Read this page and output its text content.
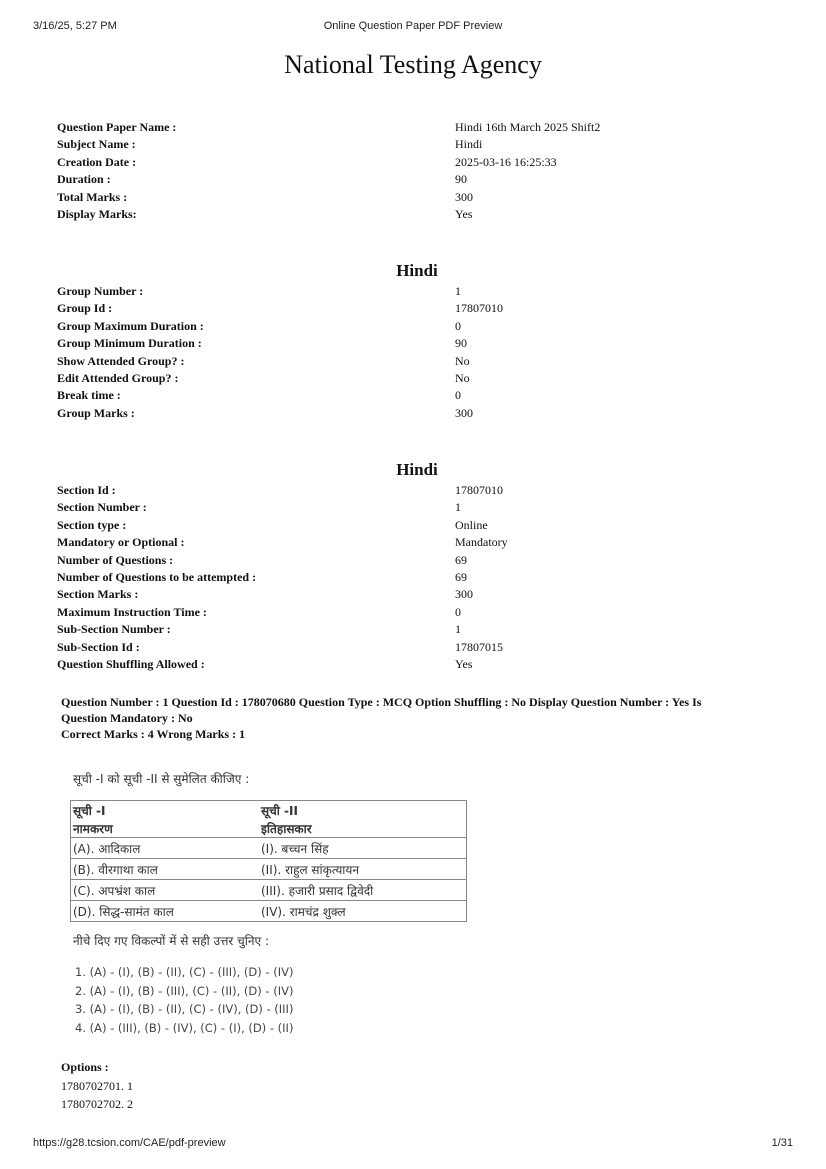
3/16/25, 5:27 PM	Online Question Paper PDF Preview
National Testing Agency
Question Paper Name :	Hindi 16th March 2025 Shift2
Subject Name :	Hindi
Creation Date :	2025-03-16 16:25:33
Duration :	90
Total Marks :	300
Display Marks:	Yes
Hindi
Group Number :	1
Group Id :	17807010
Group Maximum Duration :	0
Group Minimum Duration :	90
Show Attended Group? :	No
Edit Attended Group? :	No
Break time :	0
Group Marks :	300
Hindi
Section Id :	17807010
Section Number :	1
Section type :	Online
Mandatory or Optional :	Mandatory
Number of Questions :	69
Number of Questions to be attempted :	69
Section Marks :	300
Maximum Instruction Time :	0
Sub-Section Number :	1
Sub-Section Id :	17807015
Question Shuffling Allowed :	Yes
Question Number : 1 Question Id : 178070680 Question Type : MCQ Option Shuffling : No Display Question Number : Yes Is
Question Mandatory : No
Correct Marks : 4 Wrong Marks : 1
सूची -I को सूची -II से सुमेलित कीजिए :
सूची -I	सूची -II
नामकरण	इतिहासकार
(A). आदिकाल	(I). बच्चन सिंह
(B). वीरगाथा काल	(II). राहुल सांकृत्यायन
(C). अपभ्रंश काल	(III). हजारी प्रसाद द्विवेदी
(D). सिद्ध-सामंत काल	(IV). रामचंद्र शुक्ल
नीचे दिए गए विकल्पों में से सही उत्तर चुनिए :
1. (A) - (I), (B) - (II), (C) - (III), (D) - (IV)
2. (A) - (I), (B) - (III), (C) - (II), (D) - (IV)
3. (A) - (I), (B) - (II), (C) - (IV), (D) - (III)
4. (A) - (III), (B) - (IV), (C) - (I), (D) - (II)
Options :
1780702701. 1
1780702702. 2
https://g28.tcsion.com/CAE/pdf-preview	1/31
